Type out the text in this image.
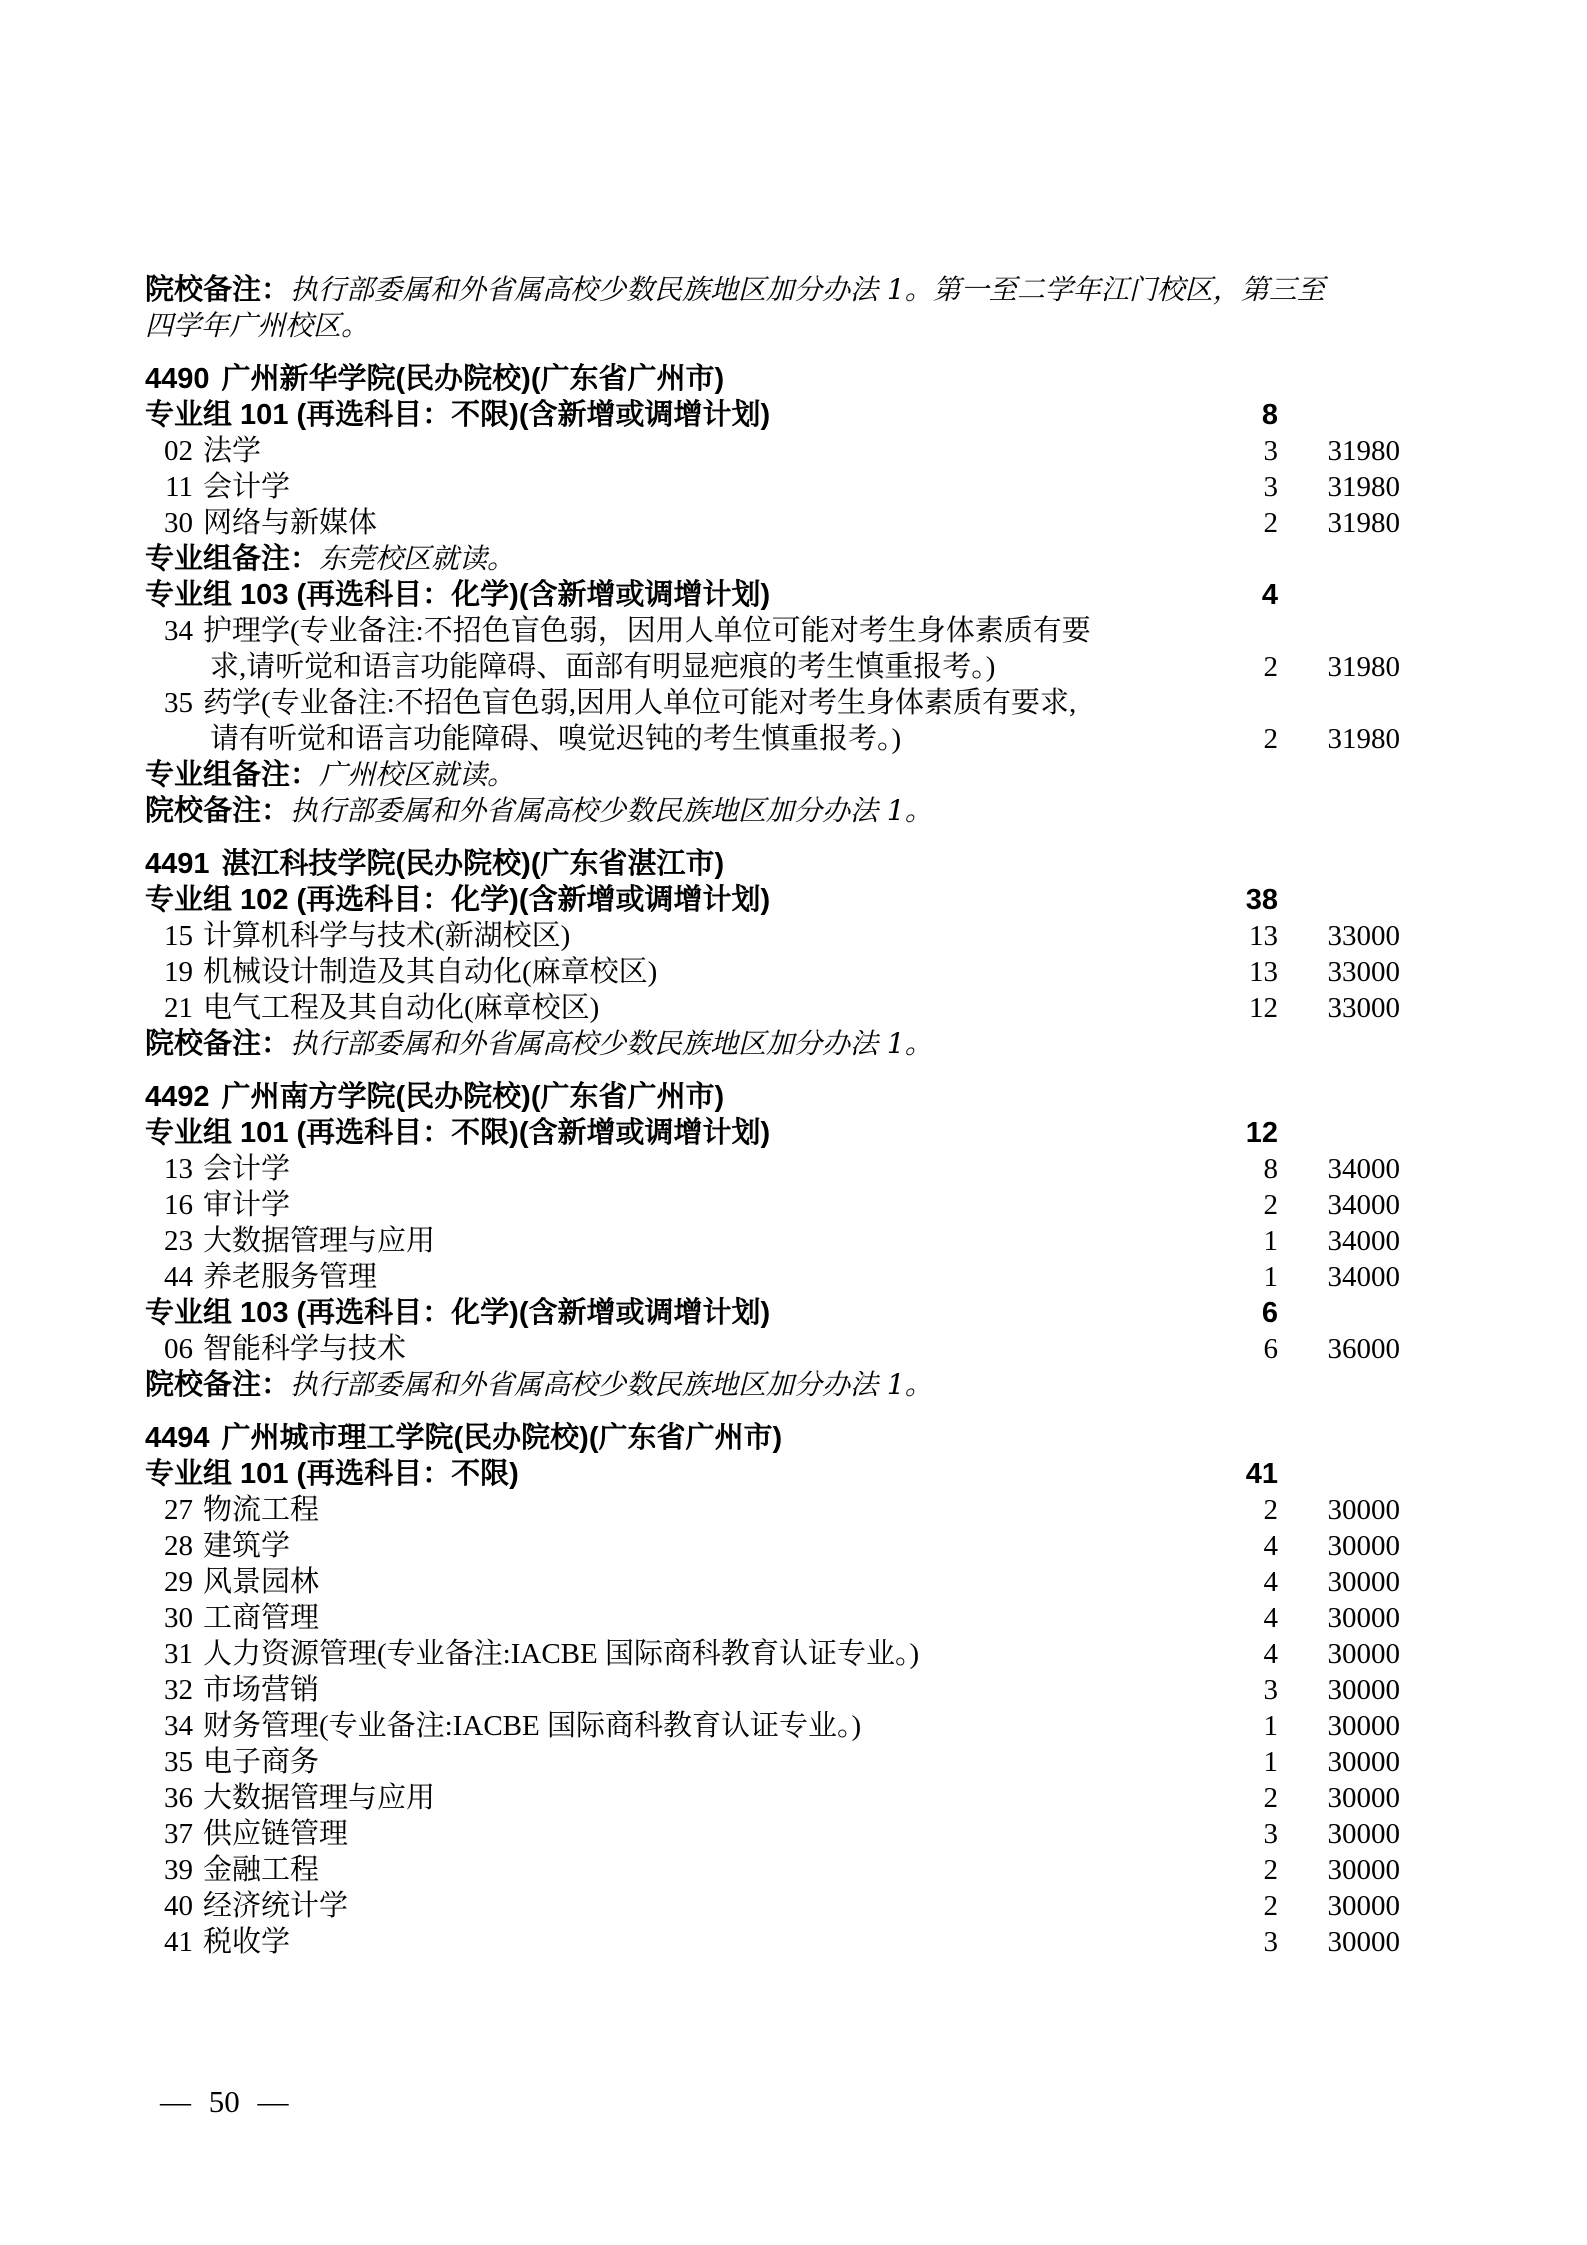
院校备注：执行部委属和外省属高校少数民族地区加分办法 1。第一至二学年江门校区，第三至
四学年广州校区。
4490 广州新华学院(民办院校)(广东省广州市)
专业组 101 (再选科目：不限)(含新增或调增计划)	8
02 法学	3	31980
11 会计学	3	31980
30 网络与新媒体	2	31980
专业组备注：东莞校区就读。
专业组 103 (再选科目：化学)(含新增或调增计划)	4
34 护理学(专业备注:不招色盲色弱，因用人单位可能对考生身体素质有要
求,请听觉和语言功能障碍、面部有明显疤痕的考生慎重报考。)	2	31980
35 药学(专业备注:不招色盲色弱,因用人单位可能对考生身体素质有要求,
请有听觉和语言功能障碍、嗅觉迟钝的考生慎重报考。)	2	31980
专业组备注：广州校区就读。
院校备注：执行部委属和外省属高校少数民族地区加分办法 1。
4491 湛江科技学院(民办院校)(广东省湛江市)
专业组 102 (再选科目：化学)(含新增或调增计划)	38
15 计算机科学与技术(新湖校区)	13	33000
19 机械设计制造及其自动化(麻章校区)	13	33000
21 电气工程及其自动化(麻章校区)	12	33000
院校备注：执行部委属和外省属高校少数民族地区加分办法 1。
4492 广州南方学院(民办院校)(广东省广州市)
专业组 101 (再选科目：不限)(含新增或调增计划)	12
13 会计学	8	34000
16 审计学	2	34000
23 大数据管理与应用	1	34000
44 养老服务管理	1	34000
专业组 103 (再选科目：化学)(含新增或调增计划)	6
06 智能科学与技术	6	36000
院校备注：执行部委属和外省属高校少数民族地区加分办法 1。
4494 广州城市理工学院(民办院校)(广东省广州市)
专业组 101 (再选科目：不限)	41
27 物流工程	2	30000
28 建筑学	4	30000
29 风景园林	4	30000
30 工商管理	4	30000
31 人力资源管理(专业备注:IACBE 国际商科教育认证专业。)	4	30000
32 市场营销	3	30000
34 财务管理(专业备注:IACBE 国际商科教育认证专业。)	1	30000
35 电子商务	1	30000
36 大数据管理与应用	2	30000
37 供应链管理	3	30000
39 金融工程	2	30000
40 经济统计学	2	30000
41 税收学	3	30000
— 50 —
